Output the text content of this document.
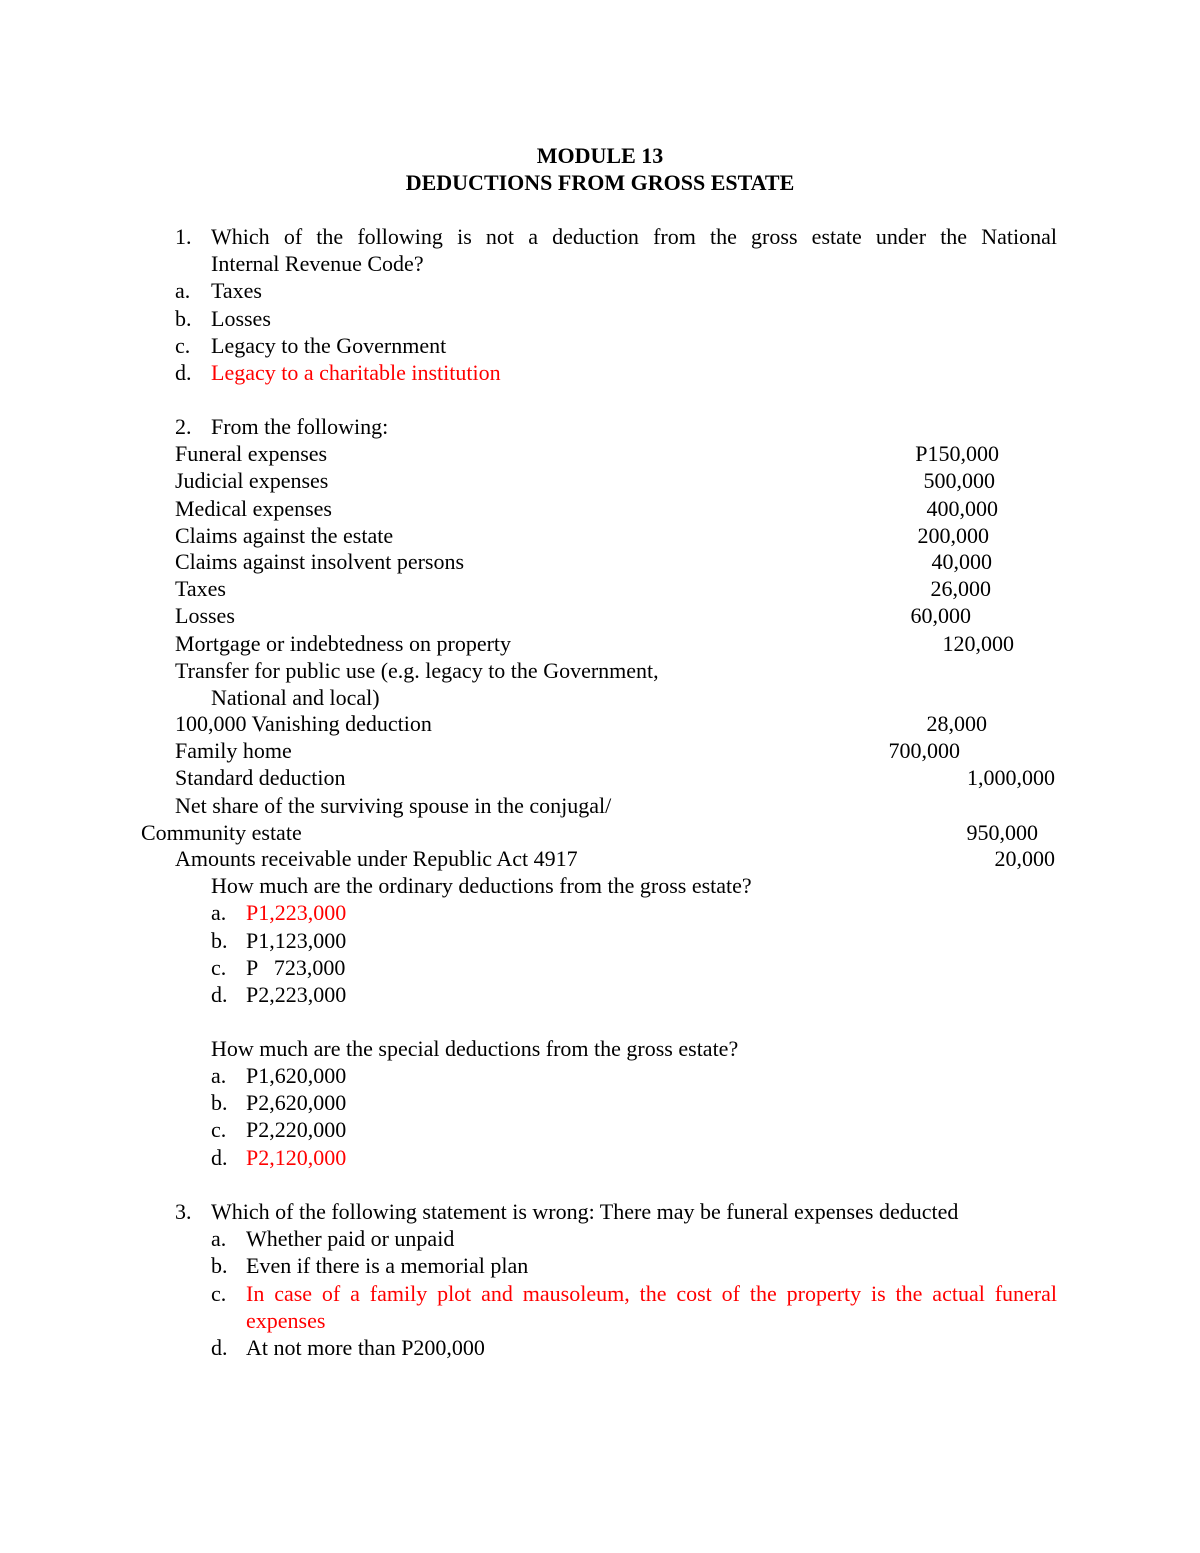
MODULE 13
DEDUCTIONS FROM GROSS ESTATE
1. Which of the following is not a deduction from the gross estate under the National
Internal Revenue Code?
a. Taxes
b. Losses
c. Legacy to the Government
d. Legacy to a charitable institution
2. From the following:
Funeral expenses	P150,000
Judicial expenses	500,000
Medical expenses	400,000
Claims against the estate	200,000
Claims against insolvent persons	40,000
Taxes	26,000
Losses	60,000
Mortgage or indebtedness on property	120,000
Transfer for public use (e.g. legacy to the Government,
National and local)
100,000 Vanishing deduction	28,000
Family home	700,000
Standard deduction	1,000,000
Net share of the surviving spouse in the conjugal/
Community estate	950,000
Amounts receivable under Republic Act 4917	20,000
How much are the ordinary deductions from the gross estate?
a. P1,223,000
b. P1,123,000
c. P   723,000
d. P2,223,000
How much are the special deductions from the gross estate?
a. P1,620,000
b. P2,620,000
c. P2,220,000
d. P2,120,000
3. Which of the following statement is wrong: There may be funeral expenses deducted
a. Whether paid or unpaid
b. Even if there is a memorial plan
c. In case of a family plot and mausoleum, the cost of the property is the actual funeral
expenses
d. At not more than P200,000
